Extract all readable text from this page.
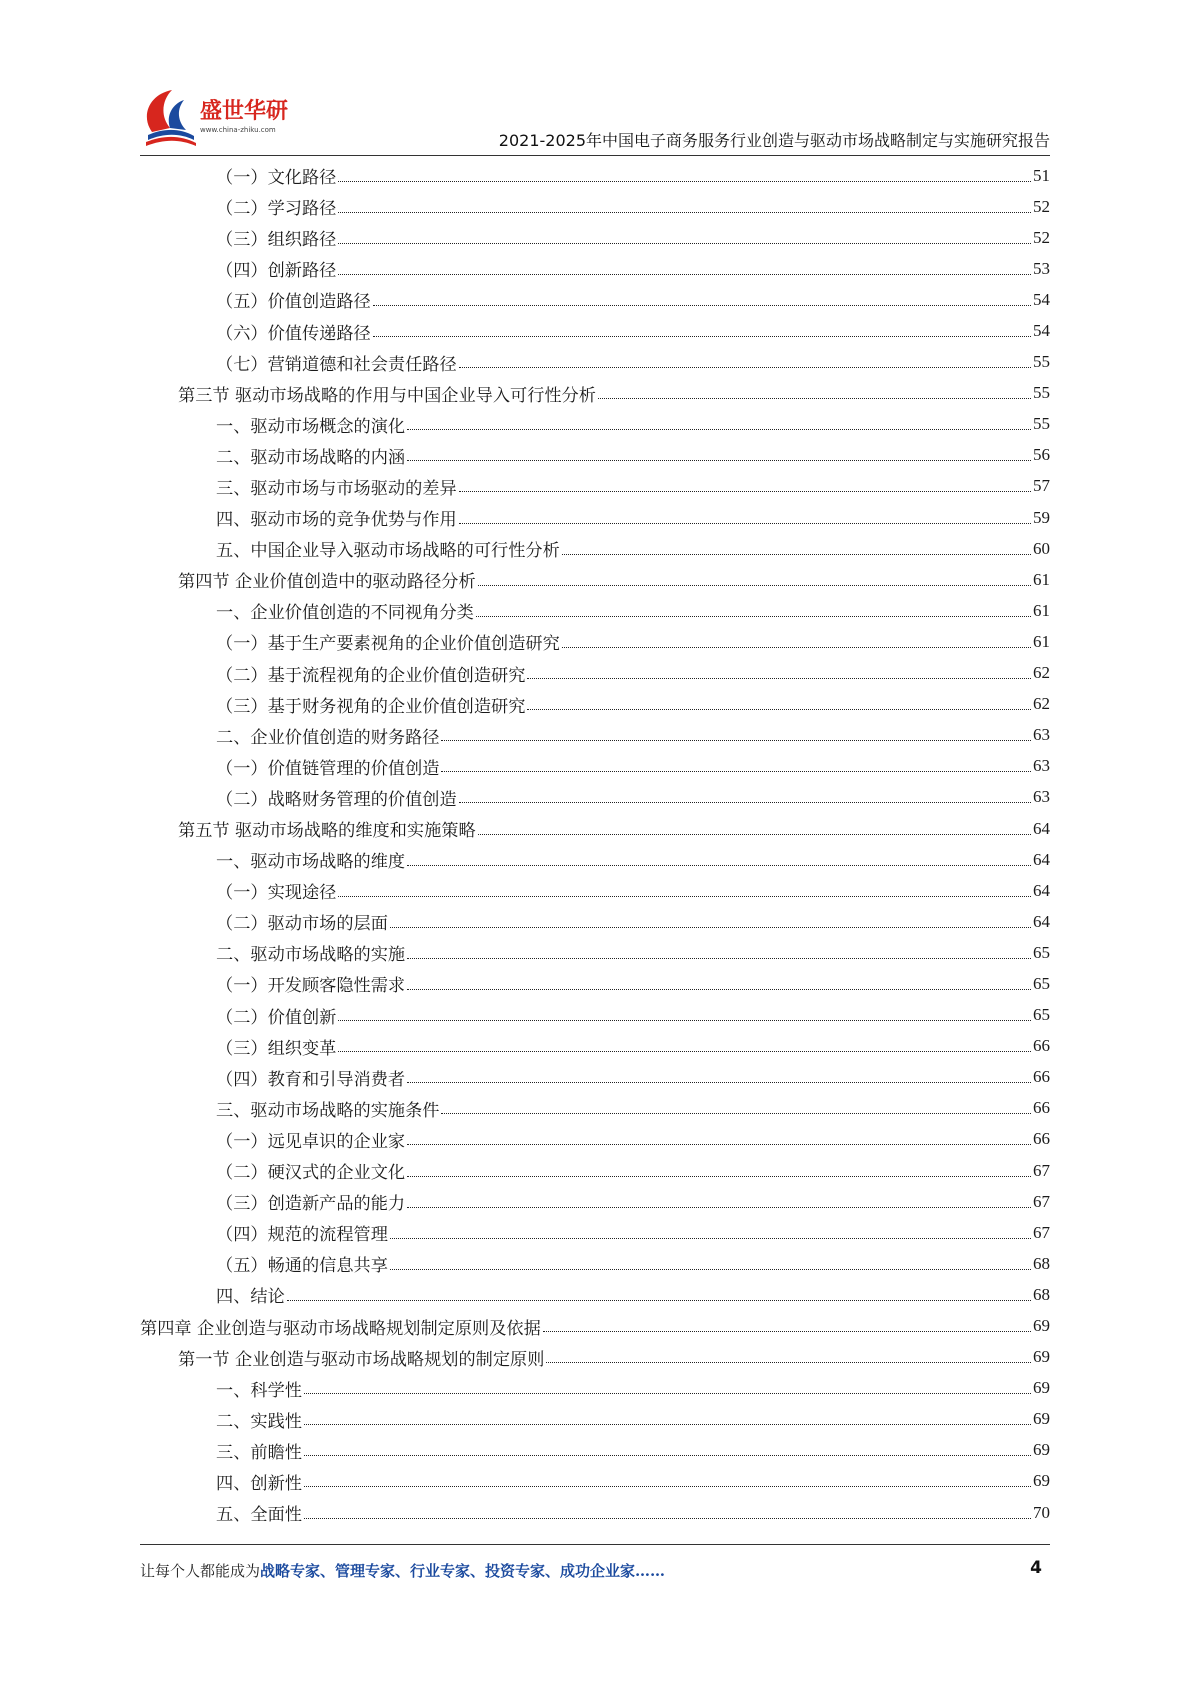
盛世华研
www.china-zhiku.com
2021-2025年中国电子商务服务行业创造与驱动市场战略制定与实施研究报告
（一）文化路径	51
（二）学习路径	52
（三）组织路径	52
（四）创新路径	53
（五）价值创造路径	54
（六）价值传递路径	54
（七）营销道德和社会责任路径	55
第三节 驱动市场战略的作用与中国企业导入可行性分析	55
一、驱动市场概念的演化	55
二、驱动市场战略的内涵	56
三、驱动市场与市场驱动的差异	57
四、驱动市场的竞争优势与作用	59
五、中国企业导入驱动市场战略的可行性分析	60
第四节 企业价值创造中的驱动路径分析	61
一、企业价值创造的不同视角分类	61
（一）基于生产要素视角的企业价值创造研究	61
（二）基于流程视角的企业价值创造研究	62
（三）基于财务视角的企业价值创造研究	62
二、企业价值创造的财务路径	63
（一）价值链管理的价值创造	63
（二）战略财务管理的价值创造	63
第五节 驱动市场战略的维度和实施策略	64
一、驱动市场战略的维度	64
（一）实现途径	64
（二）驱动市场的层面	64
二、驱动市场战略的实施	65
（一）开发顾客隐性需求	65
（二）价值创新	65
（三）组织变革	66
（四）教育和引导消费者	66
三、驱动市场战略的实施条件	66
（一）远见卓识的企业家	66
（二）硬汉式的企业文化	67
（三）创造新产品的能力	67
（四）规范的流程管理	67
（五）畅通的信息共享	68
四、结论	68
第四章 企业创造与驱动市场战略规划制定原则及依据	69
第一节 企业创造与驱动市场战略规划的制定原则	69
一、科学性	69
二、实践性	69
三、前瞻性	69
四、创新性	69
五、全面性	70
让每个人都能成为战略专家、管理专家、行业专家、投资专家、成功企业家……	4
